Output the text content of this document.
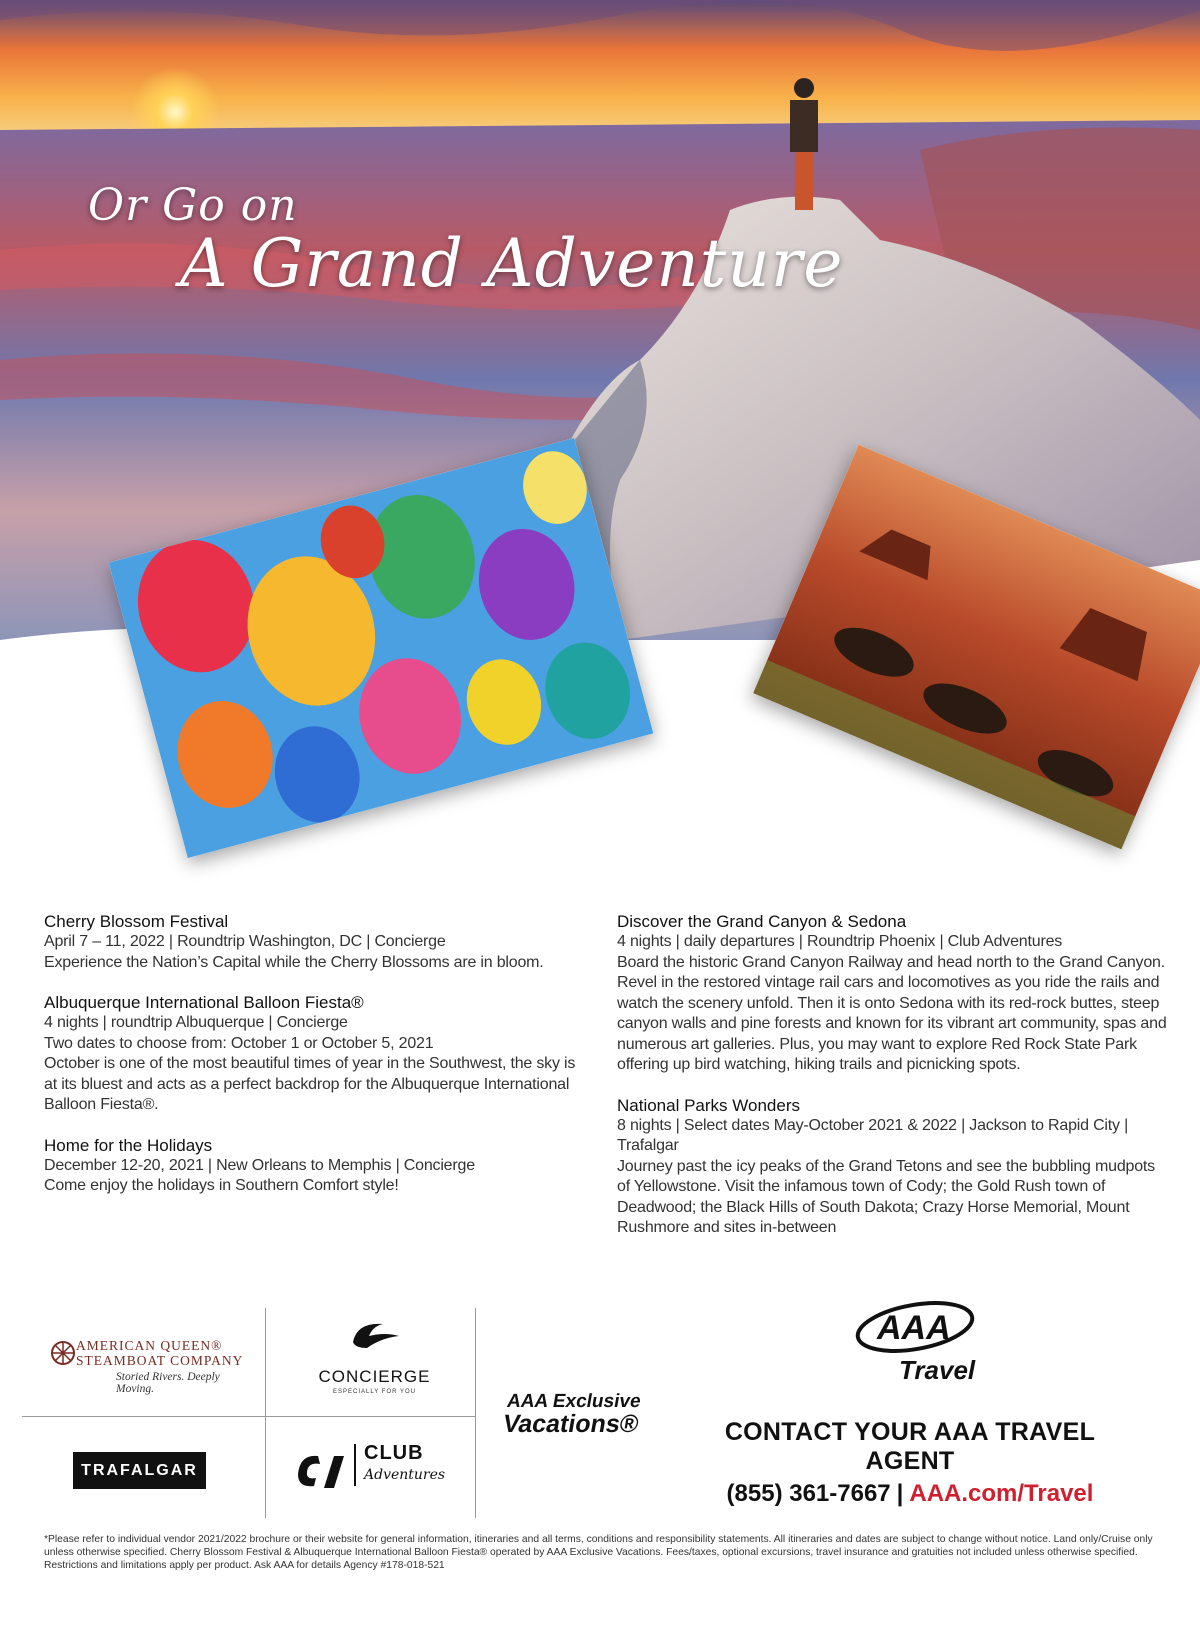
Or Go on
A Grand Adventure
Cherry Blossom Festival

April 7 – 11, 2022 | Roundtrip Washington, DC | Concierge

Experience the Nation’s Capital while the Cherry Blossoms are in bloom.

Albuquerque International Balloon Fiesta®

4 nights | roundtrip Albuquerque | Concierge

Two dates to choose from: October 1 or October 5, 2021

October is one of the most beautiful times of year in the Southwest, the sky is at its bluest and acts as a perfect backdrop for the Albuquerque International Balloon Fiesta®.

Home for the Holidays

December 12-20, 2021 | New Orleans to Memphis | Concierge

Come enjoy the holidays in Southern Comfort style!

Discover the Grand Canyon & Sedona

4 nights | daily departures | Roundtrip Phoenix | Club Adventures

Board the historic Grand Canyon Railway and head north to the Grand Canyon. Revel in the restored vintage rail cars and locomotives as you ride the rails and watch the scenery unfold. Then it is onto Sedona with its red-rock buttes, steep canyon walls and pine forests and known for its vibrant art community, spas and numerous art galleries. Plus, you may want to explore Red Rock State Park offering up bird watching, hiking trails and picnicking spots.

National Parks Wonders

8 nights | Select dates May-October 2021 & 2022 | Jackson to Rapid City | Trafalgar

Journey past the icy peaks of the Grand Tetons and see the bubbling mudpots of Yellowstone. Visit the infamous town of Cody; the Gold Rush town of Deadwood; the Black Hills of South Dakota; Crazy Horse Memorial, Mount Rushmore and sites in-between

AMERICAN QUEEN®
STEAMBOAT COMPANY
Storied Rivers. Deeply Moving.
CONCIERGE
ESPECIALLY FOR YOU
TRAFALGAR
CLUB
Adventures
AAA Exclusive
Vacations®
AAA
Travel
CONTACT YOUR AAA TRAVEL AGENT
(855) 361-7667 | AAA.com/Travel
*Please refer to individual vendor 2021/2022 brochure or their website for general information, itineraries and all terms, conditions and responsibility statements. All itineraries and dates are subject to change without notice. Land only/Cruise only unless otherwise specified. Cherry Blossom Festival & Albuquerque International Balloon Fiesta® operated by AAA Exclusive Vacations. Fees/taxes, optional excursions, travel insurance and gratuities not included unless otherwise specified. Restrictions and limitations apply per product. Ask AAA for details Agency #178-018-521
